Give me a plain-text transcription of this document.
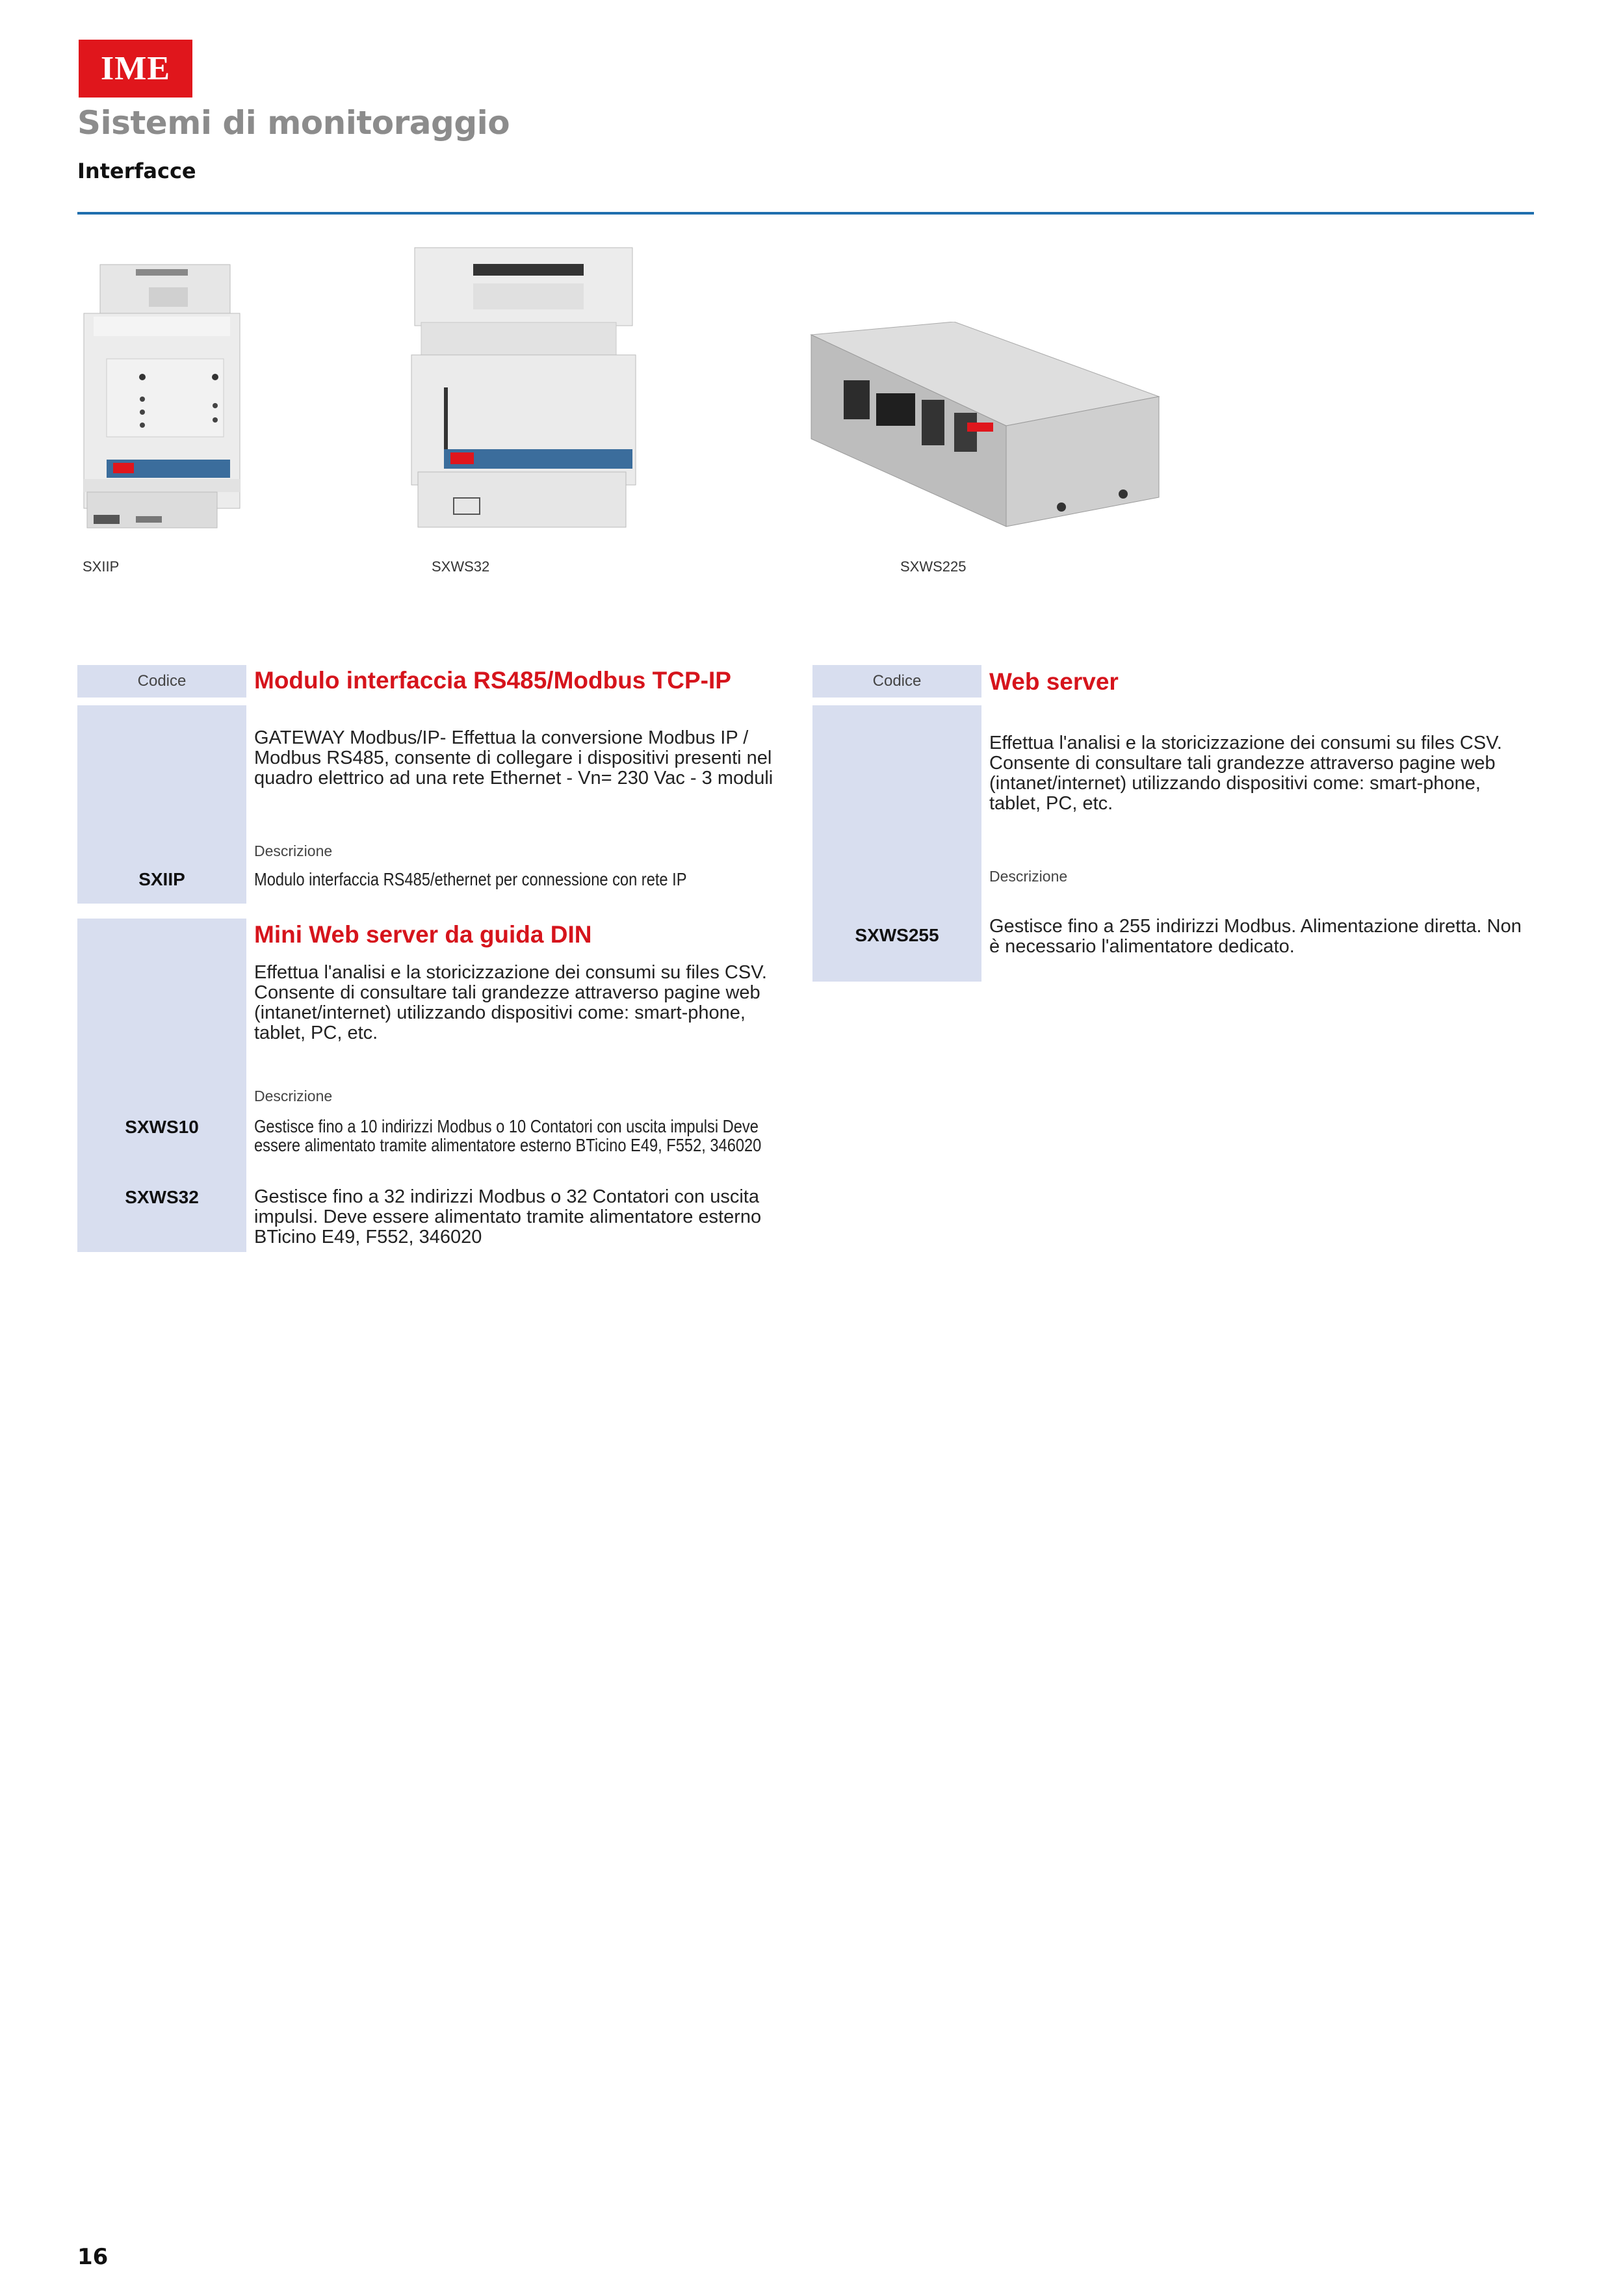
IME
Sistemi di monitoraggio
Interfacce
SXIIP	SXWS32	SXWS225
Codice	Modulo interfaccia RS485/Modbus TCP-IP
GATEWAY Modbus/IP- Effettua la conversione Modbus IP / Modbus RS485, consente di collegare i dispositivi presenti nel quadro elettrico ad una rete Ethernet - Vn= 230 Vac - 3 moduli
Descrizione
SXIIP	Modulo interfaccia RS485/ethernet per connessione con rete IP
Mini Web server da guida DIN
Effettua l'analisi e la storicizzazione dei consumi su files CSV. Consente di consultare tali grandezze attraverso pagine web (intanet/internet) utilizzando dispositivi come: smart-phone, tablet, PC, etc.
Descrizione
SXWS10	Gestisce fino a 10 indirizzi Modbus o 10 Contatori con uscita impulsi Deve essere alimentato tramite alimentatore esterno BTicino E49, F552, 346020
SXWS32	Gestisce fino a 32 indirizzi Modbus o 32 Contatori con uscita impulsi. Deve essere alimentato tramite alimentatore esterno BTicino E49, F552, 346020
Codice	Web server
Effettua l'analisi e la storicizzazione dei consumi su files CSV. Consente di consultare tali grandezze attraverso pagine web (intanet/internet) utilizzando dispositivi come: smart-phone, tablet, PC, etc.
Descrizione
SXWS255	Gestisce fino a 255 indirizzi Modbus. Alimentazione diretta. Non è necessario l'alimentatore dedicato.
16
